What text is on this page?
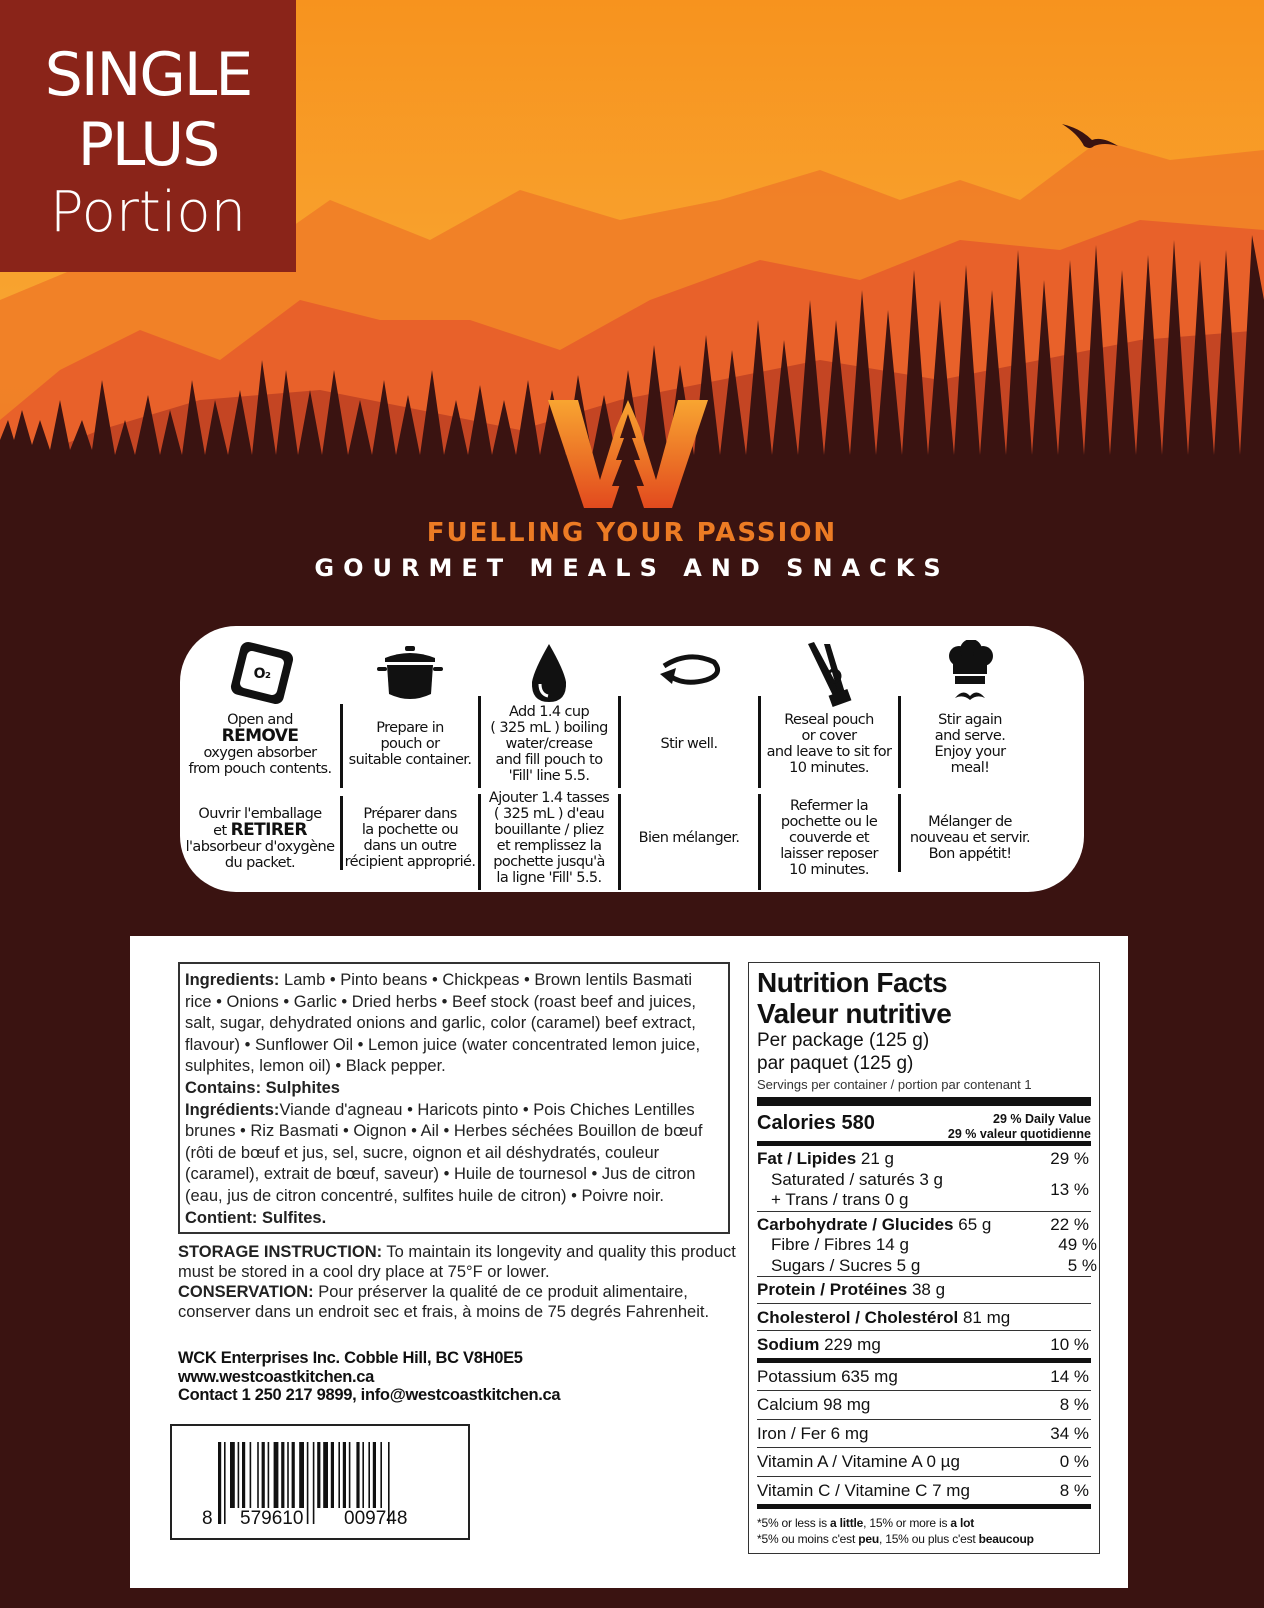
SINGLE
PLUS
Portion
FUELLING YOUR PASSION
GOURMET MEALS AND SNACKS
O₂
Open and
REMOVE
oxygen absorber
from pouch contents.
Ouvrir l'emballage
et RETIRER
l'absorbeur d'oxygène
du packet.
Prepare in
pouch or
suitable container.
Préparer dans
la pochette ou
dans un outre
récipient approprié.
Add 1.4 cup
( 325 mL ) boiling
water/crease
and fill pouch to
'Fill' line 5.5.
Ajouter 1.4 tasses
( 325 mL ) d'eau
bouillante / pliez
et remplissez la
pochette jusqu'à
la ligne 'Fill' 5.5.
Stir well.
Bien mélanger.
Reseal pouch
or cover
and leave to sit for
10 minutes.
Refermer la
pochette ou le
couverde et
laisser reposer
10 minutes.
Stir again
and serve.
Enjoy your
meal!
Mélanger de
nouveau et servir.
Bon appétit!
Ingredients: Lamb • Pinto beans • Chickpeas • Brown lentils Basmati rice • Onions • Garlic • Dried herbs • Beef stock (roast beef and juices, salt, sugar, dehydrated onions and garlic, color (caramel) beef extract, flavour) • Sunflower Oil • Lemon juice (water concentrated lemon juice, sulphites, lemon oil) • Black pepper.
Contains: Sulphites
Ingrédients:Viande d'agneau • Haricots pinto • Pois Chiches Lentilles brunes • Riz Basmati • Oignon • Ail • Herbes séchées Bouillon de bœuf (rôti de bœuf et jus, sel, sucre, oignon et ail déshydratés, couleur (caramel), extrait de bœuf, saveur) • Huile de tournesol • Jus de citron (eau, jus de citron concentré, sulfites huile de citron) • Poivre noir. Contient: Sulfites.
STORAGE INSTRUCTION: To maintain its longevity and quality this product must be stored in a cool dry place at 75°F or lower.
CONSERVATION: Pour préserver la qualité de ce produit alimentaire, conserver dans un endroit sec et frais, à moins de 75 degrés Fahrenheit.
WCK Enterprises Inc. Cobble Hill, BC V8H0E5
www.westcoastkitchen.ca
Contact 1 250 217 9899, info@westcoastkitchen.ca
8 579610 009748
Nutrition Facts
Valeur nutritive
Per package (125 g)
par paquet (125 g)
Servings per container / portion par contenant 1
Calories 580	29 % Daily Value
29 % valeur quotidienne
Fat / Lipides 21 g	29 %
Saturated / saturés 3 g
+ Trans / trans 0 g
13 %
Carbohydrate / Glucides 65 g	22 %
Fibre / Fibres 14 g	49 %
Sugars / Sucres 5 g	5 %
Protein / Protéines 38 g
Cholesterol / Cholestérol 81 mg
Sodium 229 mg	10 %
Potassium 635 mg	14 %
Calcium 98 mg	8 %
Iron / Fer 6 mg	34 %
Vitamin A / Vitamine A 0 µg	0 %
Vitamin C / Vitamine C 7 mg	8 %
*5% or less is a little, 15% or more is a lot
*5% ou moins c'est peu, 15% ou plus c'est beaucoup
